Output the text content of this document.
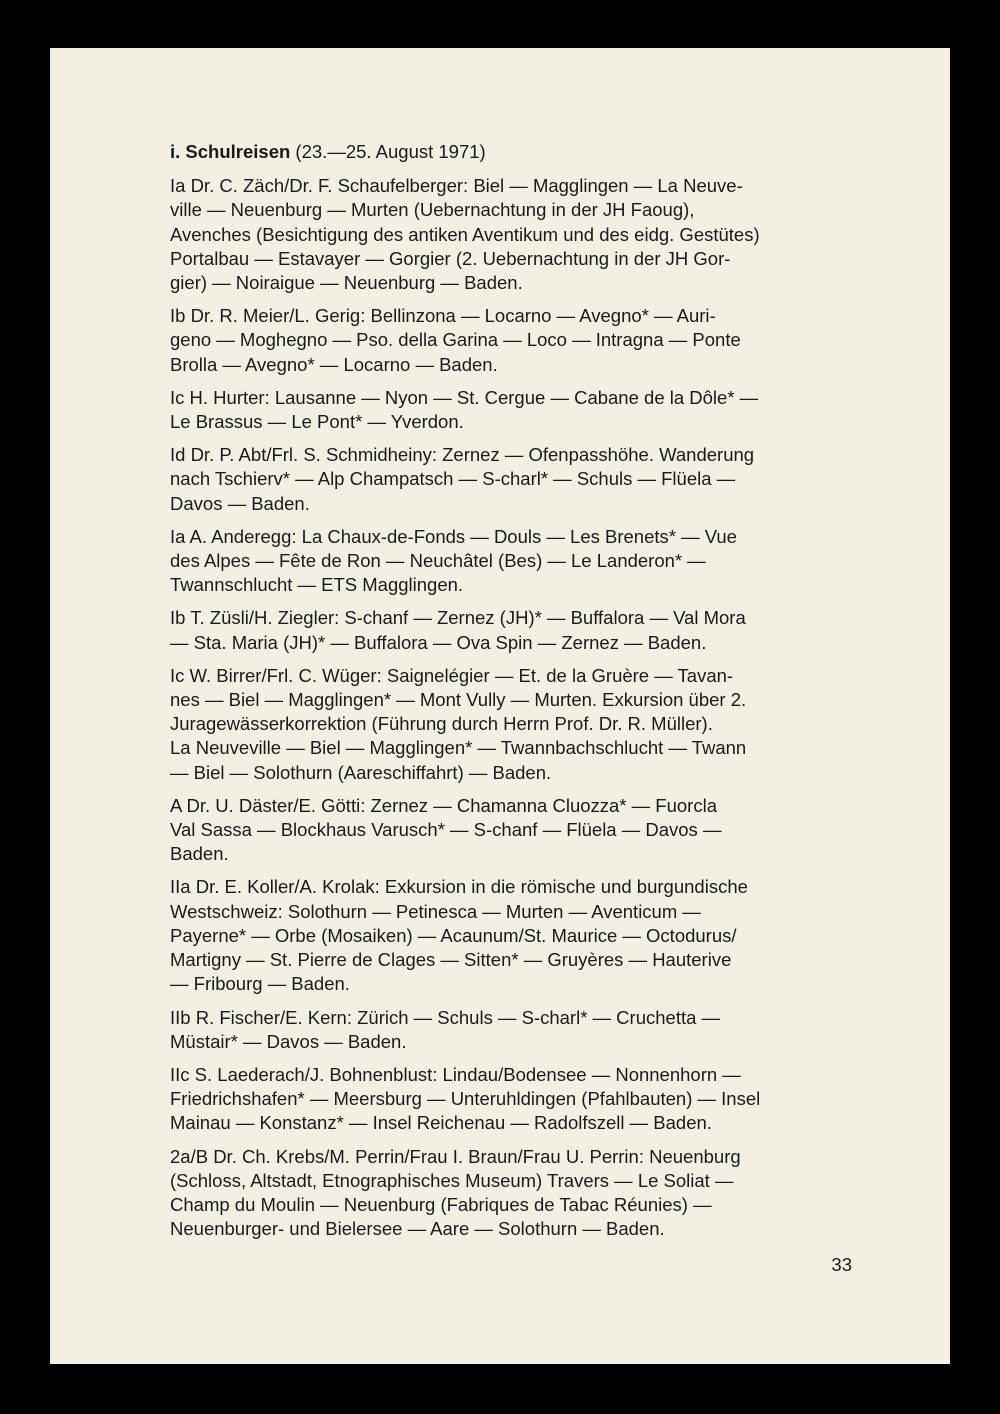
i. Schulreisen (23.—25. August 1971)

Ia Dr. C. Zäch/Dr. F. Schaufelberger: Biel — Magglingen — La Neuve-
ville — Neuenburg — Murten (Uebernachtung in der JH Faoug),
Avenches (Besichtigung des antiken Aventikum und des eidg. Gestütes)
Portalbau — Estavayer — Gorgier (2. Uebernachtung in der JH Gor-
gier) — Noiraigue — Neuenburg — Baden.

Ib Dr. R. Meier/L. Gerig: Bellinzona — Locarno — Avegno* — Auri-
geno — Moghegno — Pso. della Garina — Loco — Intragna — Ponte
Brolla — Avegno* — Locarno — Baden.

Ic H. Hurter: Lausanne — Nyon — St. Cergue — Cabane de la Dôle* —
Le Brassus — Le Pont* — Yverdon.

Id Dr. P. Abt/Frl. S. Schmidheiny: Zernez — Ofenpasshöhe. Wanderung
nach Tschierv* — Alp Champatsch — S-charl* — Schuls — Flüela —
Davos — Baden.

Ia A. Anderegg: La Chaux-de-Fonds — Douls — Les Brenets* — Vue
des Alpes — Fête de Ron — Neuchâtel (Bes) — Le Landeron* —
Twannschlucht — ETS Magglingen.

Ib T. Züsli/H. Ziegler: S-chanf — Zernez (JH)* — Buffalora — Val Mora
— Sta. Maria (JH)* — Buffalora — Ova Spin — Zernez — Baden.

Ic W. Birrer/Frl. C. Wüger: Saignelégier — Et. de la Gruère — Tavan-
nes — Biel — Magglingen* — Mont Vully — Murten. Exkursion über 2.
Juragewässerkorrektion (Führung durch Herrn Prof. Dr. R. Müller).
La Neuveville — Biel — Magglingen* — Twannbachschlucht — Twann
— Biel — Solothurn (Aareschiffahrt) — Baden.

A Dr. U. Däster/E. Götti: Zernez — Chamanna Cluozza* — Fuorcla
Val Sassa — Blockhaus Varusch* — S-chanf — Flüela — Davos —
Baden.

IIa Dr. E. Koller/A. Krolak: Exkursion in die römische und burgundische
Westschweiz: Solothurn — Petinesca — Murten — Aventicum —
Payerne* — Orbe (Mosaiken) — Acaunum/St. Maurice — Octodurus/
Martigny — St. Pierre de Clages — Sitten* — Gruyères — Hauterive
— Fribourg — Baden.

IIb R. Fischer/E. Kern: Zürich — Schuls — S-charl* — Cruchetta —
Müstair* — Davos — Baden.

IIc S. Laederach/J. Bohnenblust: Lindau/Bodensee — Nonnenhorn —
Friedrichshafen* — Meersburg — Unteruhldingen (Pfahlbauten) — Insel
Mainau — Konstanz* — Insel Reichenau — Radolfszell — Baden.

2a/B Dr. Ch. Krebs/M. Perrin/Frau I. Braun/Frau U. Perrin: Neuenburg
(Schloss, Altstadt, Etnographisches Museum) Travers — Le Soliat —
Champ du Moulin — Neuenburg (Fabriques de Tabac Réunies) —
Neuenburger- und Bielersee — Aare — Solothurn — Baden.

33
